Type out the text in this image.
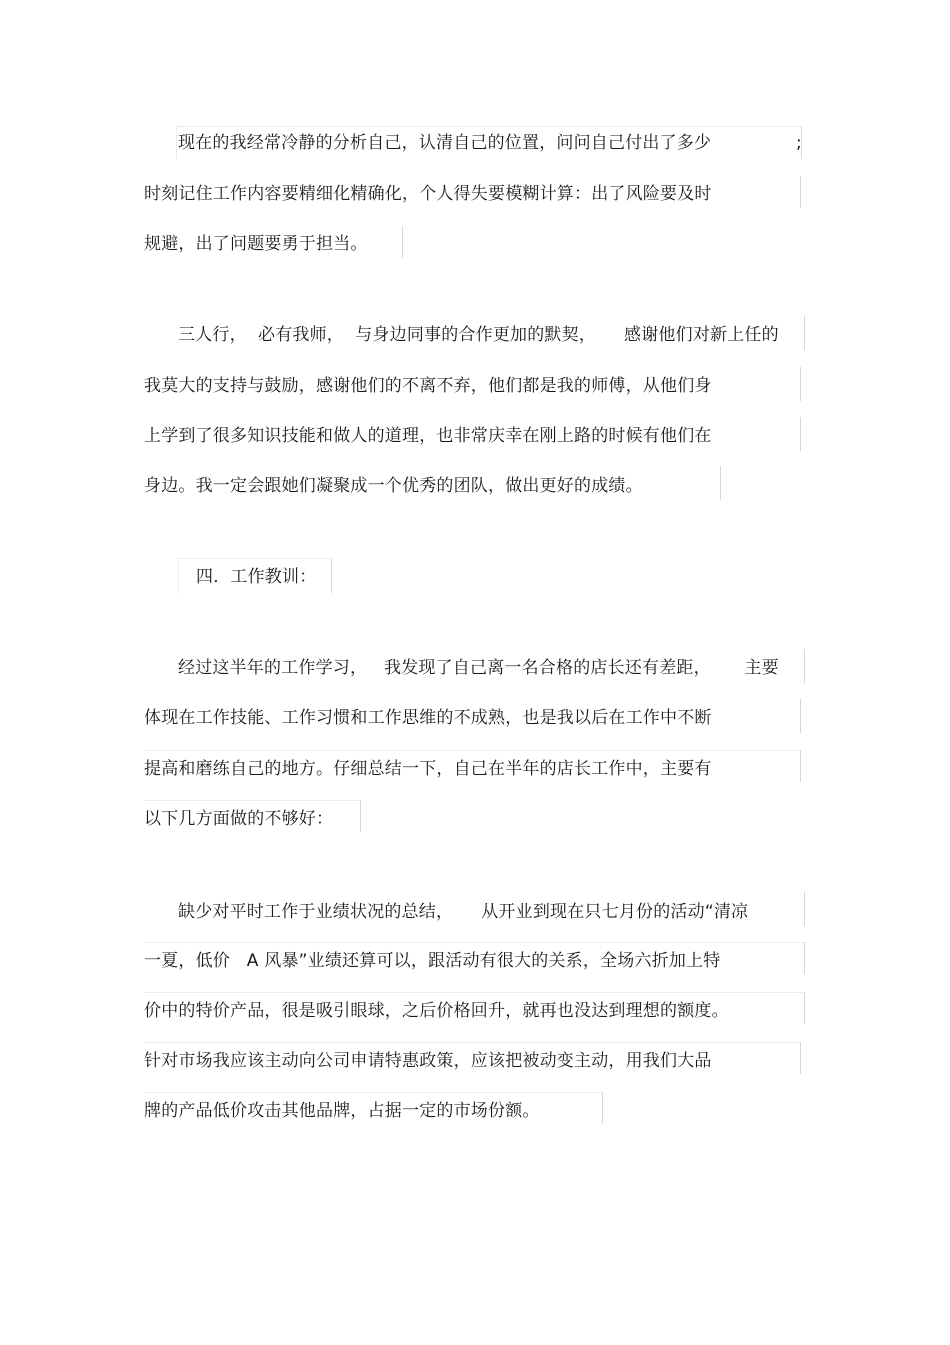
现在的我经常冷静的分析自己，认清自己的位置，问问自己付出了多少	;
时刻记住工作内容要精细化精确化，个人得失要模糊计算：出了风险要及时
规避，出了问题要勇于担当。
三人行，  必有我师，  与身边同事的合作更加的默契，     感谢他们对新上任的
我莫大的支持与鼓励，感谢他们的不离不弃，他们都是我的师傅，从他们身
上学到了很多知识技能和做人的道理，也非常庆幸在刚上路的时候有他们在
身边。我一定会跟她们凝聚成一个优秀的团队，做出更好的成绩。
四．工作教训：
经过这半年的工作学习，   我发现了自己离一名合格的店长还有差距，      主要
体现在工作技能、工作习惯和工作思维的不成熟，也是我以后在工作中不断
提高和磨练自己的地方。仔细总结一下，自己在半年的店长工作中，主要有
以下几方面做的不够好：
缺少对平时工作于业绩状况的总结，     从开业到现在只七月份的活动“清凉
一夏，低价   A 风暴”业绩还算可以，跟活动有很大的关系，全场六折加上特
价中的特价产品，很是吸引眼球，之后价格回升，就再也没达到理想的额度。
针对市场我应该主动向公司申请特惠政策，应该把被动变主动，用我们大品
牌的产品低价攻击其他品牌，占据一定的市场份额。
